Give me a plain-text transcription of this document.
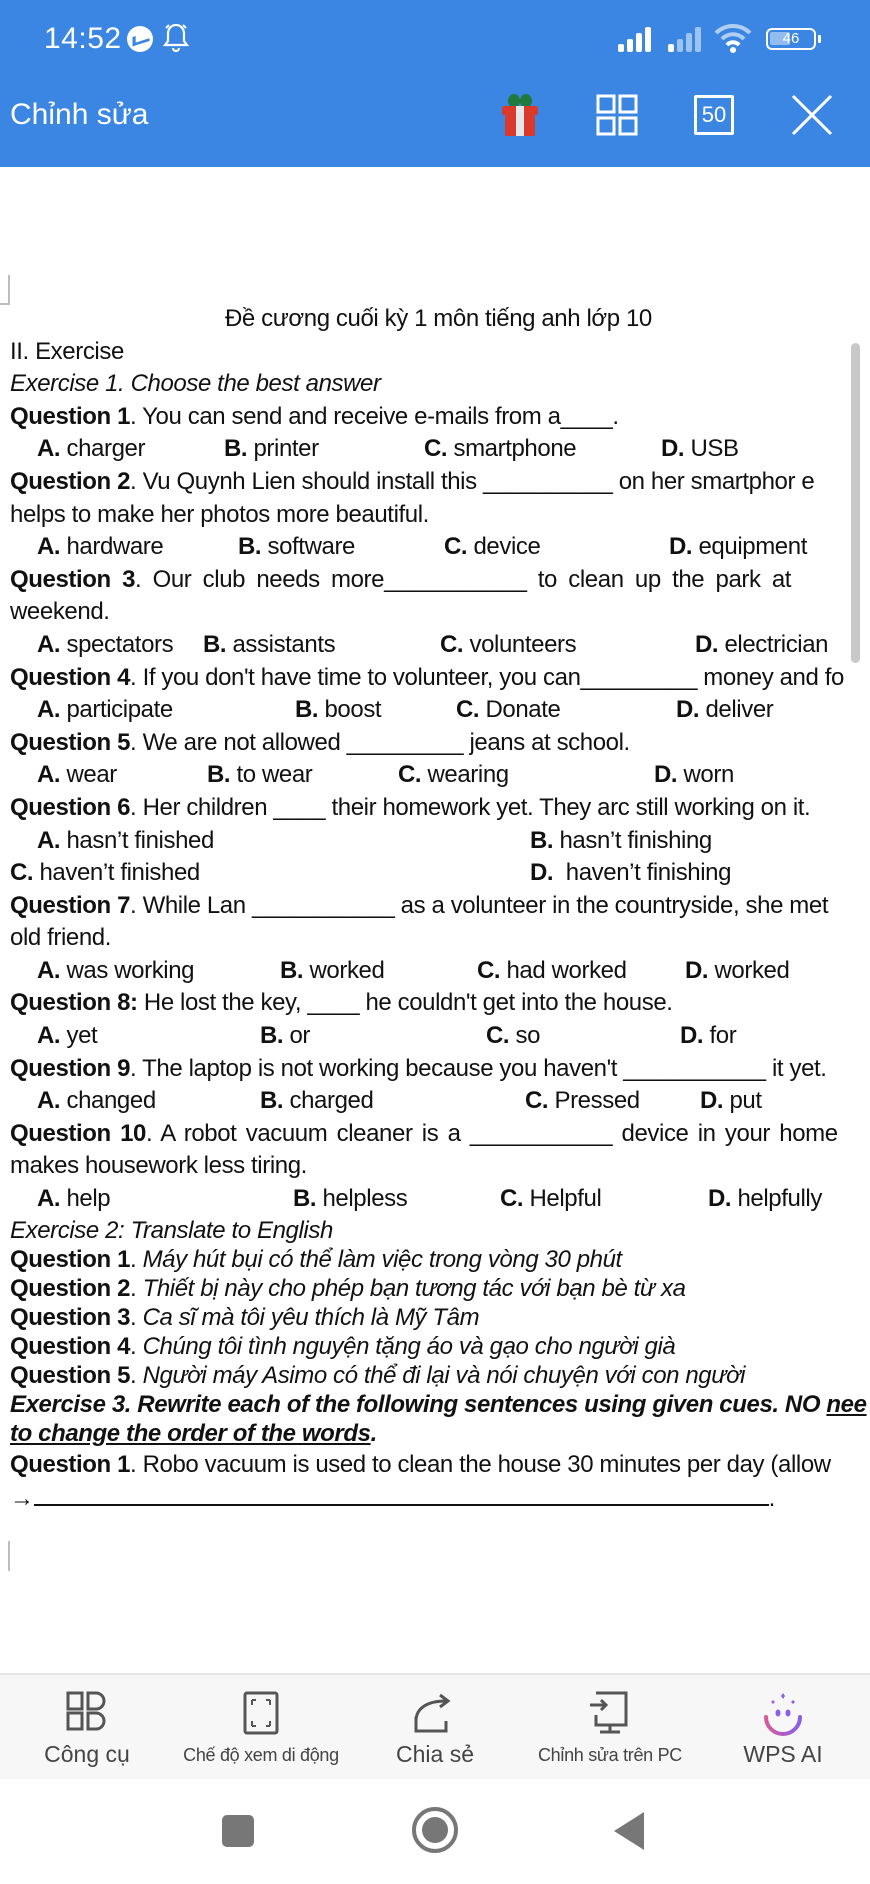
14:52	46
Chỉnh sửa	50
Đề cương cuối kỳ 1 môn tiếng anh lớp 10
II. Exercise
Exercise 1. Choose the best answer
Question 1. You can send and receive e-mails from a____.
A. charger	B. printer	C. smartphone	D. USB
Question 2. Vu Quynh Lien should install this __________ on her smartphor e
helps to make her photos more beautiful.
A. hardware	B. software	C. device	D. equipment
Question 3. Our club needs more___________ to clean up the park at
weekend.
A. spectators B. assistants	C. volunteers	D. electrician
Question 4. If you don't have time to volunteer, you can_________ money and fo
A. participate	B. boost	C. Donate	D. deliver
Question 5. We are not allowed _________ jeans at school.
A. wear	B. to wear	C. wearing	D. worn
Question 6. Her children ____ their homework yet. They arc still working on it.
A. hasn’t finished	B. hasn’t finishing
C. haven’t finished	D. haven’t finishing
Question 7. While Lan ___________ as a volunteer in the countryside, she met
old friend.
A. was working	B. worked	C. had worked D. worked
Question 8: He lost the key, ____ he couldn't get into the house.
A. yet	B. or	C. so	D. for
Question 9. The laptop is not working because you haven't ___________ it yet.
A. changed	B. charged	C. Pressed	D. put
Question 10. A robot vacuum cleaner is a ___________ device in your home
makes housework less tiring.
A. help	B. helpless	C. Helpful	D. helpfully
Exercise 2: Translate to English
Question 1. Máy hút bụi có thể làm việc trong vòng 30 phút
Question 2. Thiết bị này cho phép bạn tương tác với bạn bè từ xa
Question 3. Ca sĩ mà tôi yêu thích là Mỹ Tâm
Question 4. Chúng tôi tình nguyện tặng áo và gạo cho người già
Question 5. Người máy Asimo có thể đi lại và nói chuyện với con người
Exercise 3. Rewrite each of the following sentences using given cues. NO nee
to change the order of the words.
Question 1. Robo vacuum is used to clean the house 30 minutes per day (allow
→	.
Công cụ	Chế độ xem di động	Chia sẻ	Chỉnh sửa trên PC	WPS AI
